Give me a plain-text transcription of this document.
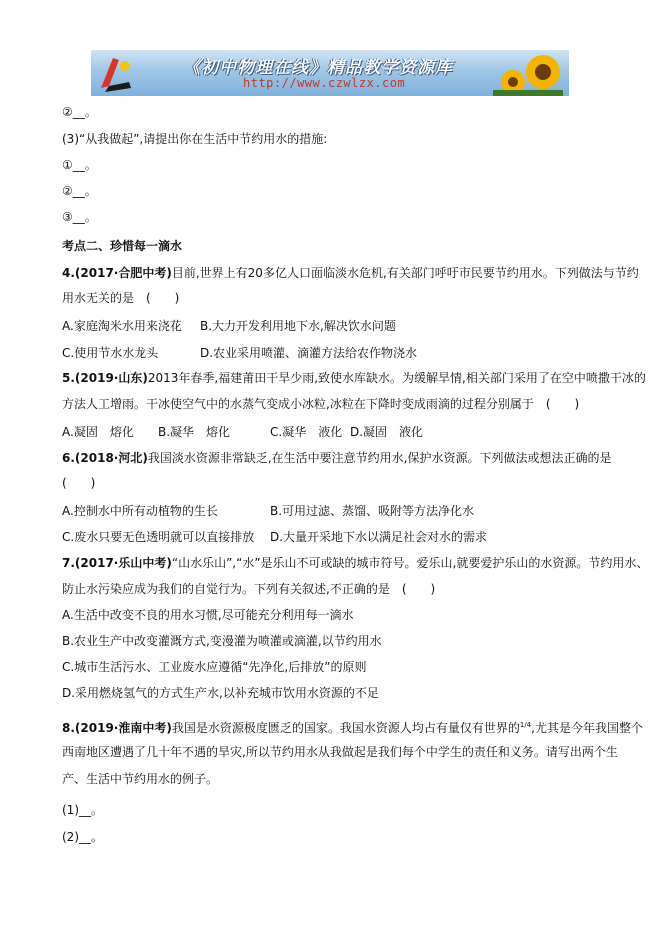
《初中物理在线》精品教学资源库
http://www.czwlzx.com
②__。
(3)“从我做起”,请提出你在生活中节约用水的措施:
①__。
②__。
③__。
考点二、珍惜每一滴水
4.(2017·合肥中考)目前,世界上有20多亿人口面临淡水危机,有关部门呼吁市民要节约用水。下列做法与节约
用水无关的是　(　　)
A.家庭淘米水用来浇花 B.大力开发利用地下水,解决饮水问题
C.使用节水水龙头	D.农业采用喷灌、滴灌方法给农作物浇水
5.(2019·山东)2013年春季,福建莆田干旱少雨,致使水库缺水。为缓解旱情,相关部门采用了在空中喷撒干冰的
方法人工增雨。干冰使空气中的水蒸气变成小冰粒,冰粒在下降时变成雨滴的过程分别属于　(　　)
A.凝固　熔化 B.凝华　熔化	C.凝华　液化 D.凝固　液化
6.(2018·河北)我国淡水资源非常缺乏,在生活中要注意节约用水,保护水资源。下列做法或想法正确的是
(　　)
A.控制水中所有动植物的生长	B.可用过滤、蒸馏、吸附等方法净化水
C.废水只要无色透明就可以直接排放 D.大量开采地下水以满足社会对水的需求
7.(2017·乐山中考)“山水乐山”,“水”是乐山不可或缺的城市符号。爱乐山,就要爱护乐山的水资源。节约用水、
防止水污染应成为我们的自觉行为。下列有关叙述,不正确的是　(　　)
A.生活中改变不良的用水习惯,尽可能充分利用每一滴水
B.农业生产中改变灌溉方式,变漫灌为喷灌或滴灌,以节约用水
C.城市生活污水、工业废水应遵循“先净化,后排放”的原则
D.采用燃烧氢气的方式生产水,以补充城市饮用水资源的不足
8.(2019·淮南中考)我国是水资源极度匮乏的国家。我国水资源人均占有量仅有世界的1/4,尤其是今年我国整个
西南地区遭遇了几十年不遇的旱灾,所以节约用水从我做起是我们每个中学生的责任和义务。请写出两个生
产、生活中节约用水的例子。
(1)__。
(2)__。
